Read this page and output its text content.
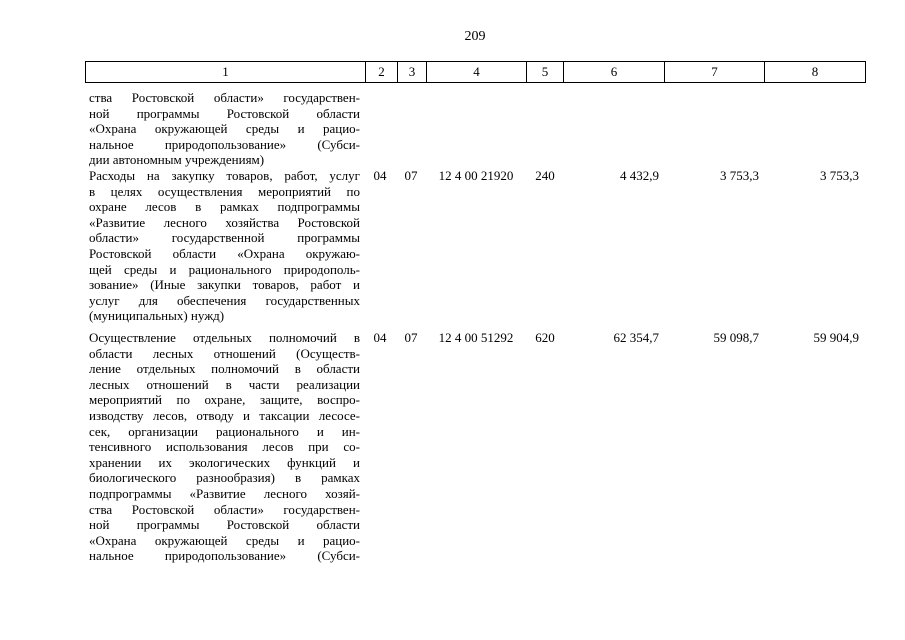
209
1	2	3	4	5	6	7	8
ства Ростовской области» государствен-
ной программы Ростовской области
«Охрана окружающей среды и рацио-
нальное природопользование» (Субси-
дии автономным учреждениям)
Расходы на закупку товаров, работ, услуг
в целях осуществления мероприятий по
охране лесов в рамках подпрограммы
«Развитие лесного хозяйства Ростовской
области» государственной программы
Ростовской области «Охрана окружаю-
щей среды и рационального природополь-
зование» (Иные закупки товаров, работ и
услуг для обеспечения государственных
(муниципальных) нужд)
04	07	12 4 00 21920	240	4 432,9	3 753,3	3 753,3
Осуществление отдельных полномочий в
области лесных отношений (Осуществ-
ление отдельных полномочий в области
лесных отношений в части реализации
мероприятий по охране, защите, воспро-
изводству лесов, отводу и таксации лесосе-
сек, организации рационального и ин-
тенсивного использования лесов при со-
хранении их экологических функций и
биологического разнообразия) в рамках
подпрограммы «Развитие лесного хозяй-
ства Ростовской области» государствен-
ной программы Ростовской области
«Охрана окружающей среды и рацио-
нальное природопользование» (Субси-
04	07	12 4 00 51292	620	62 354,7	59 098,7	59 904,9
